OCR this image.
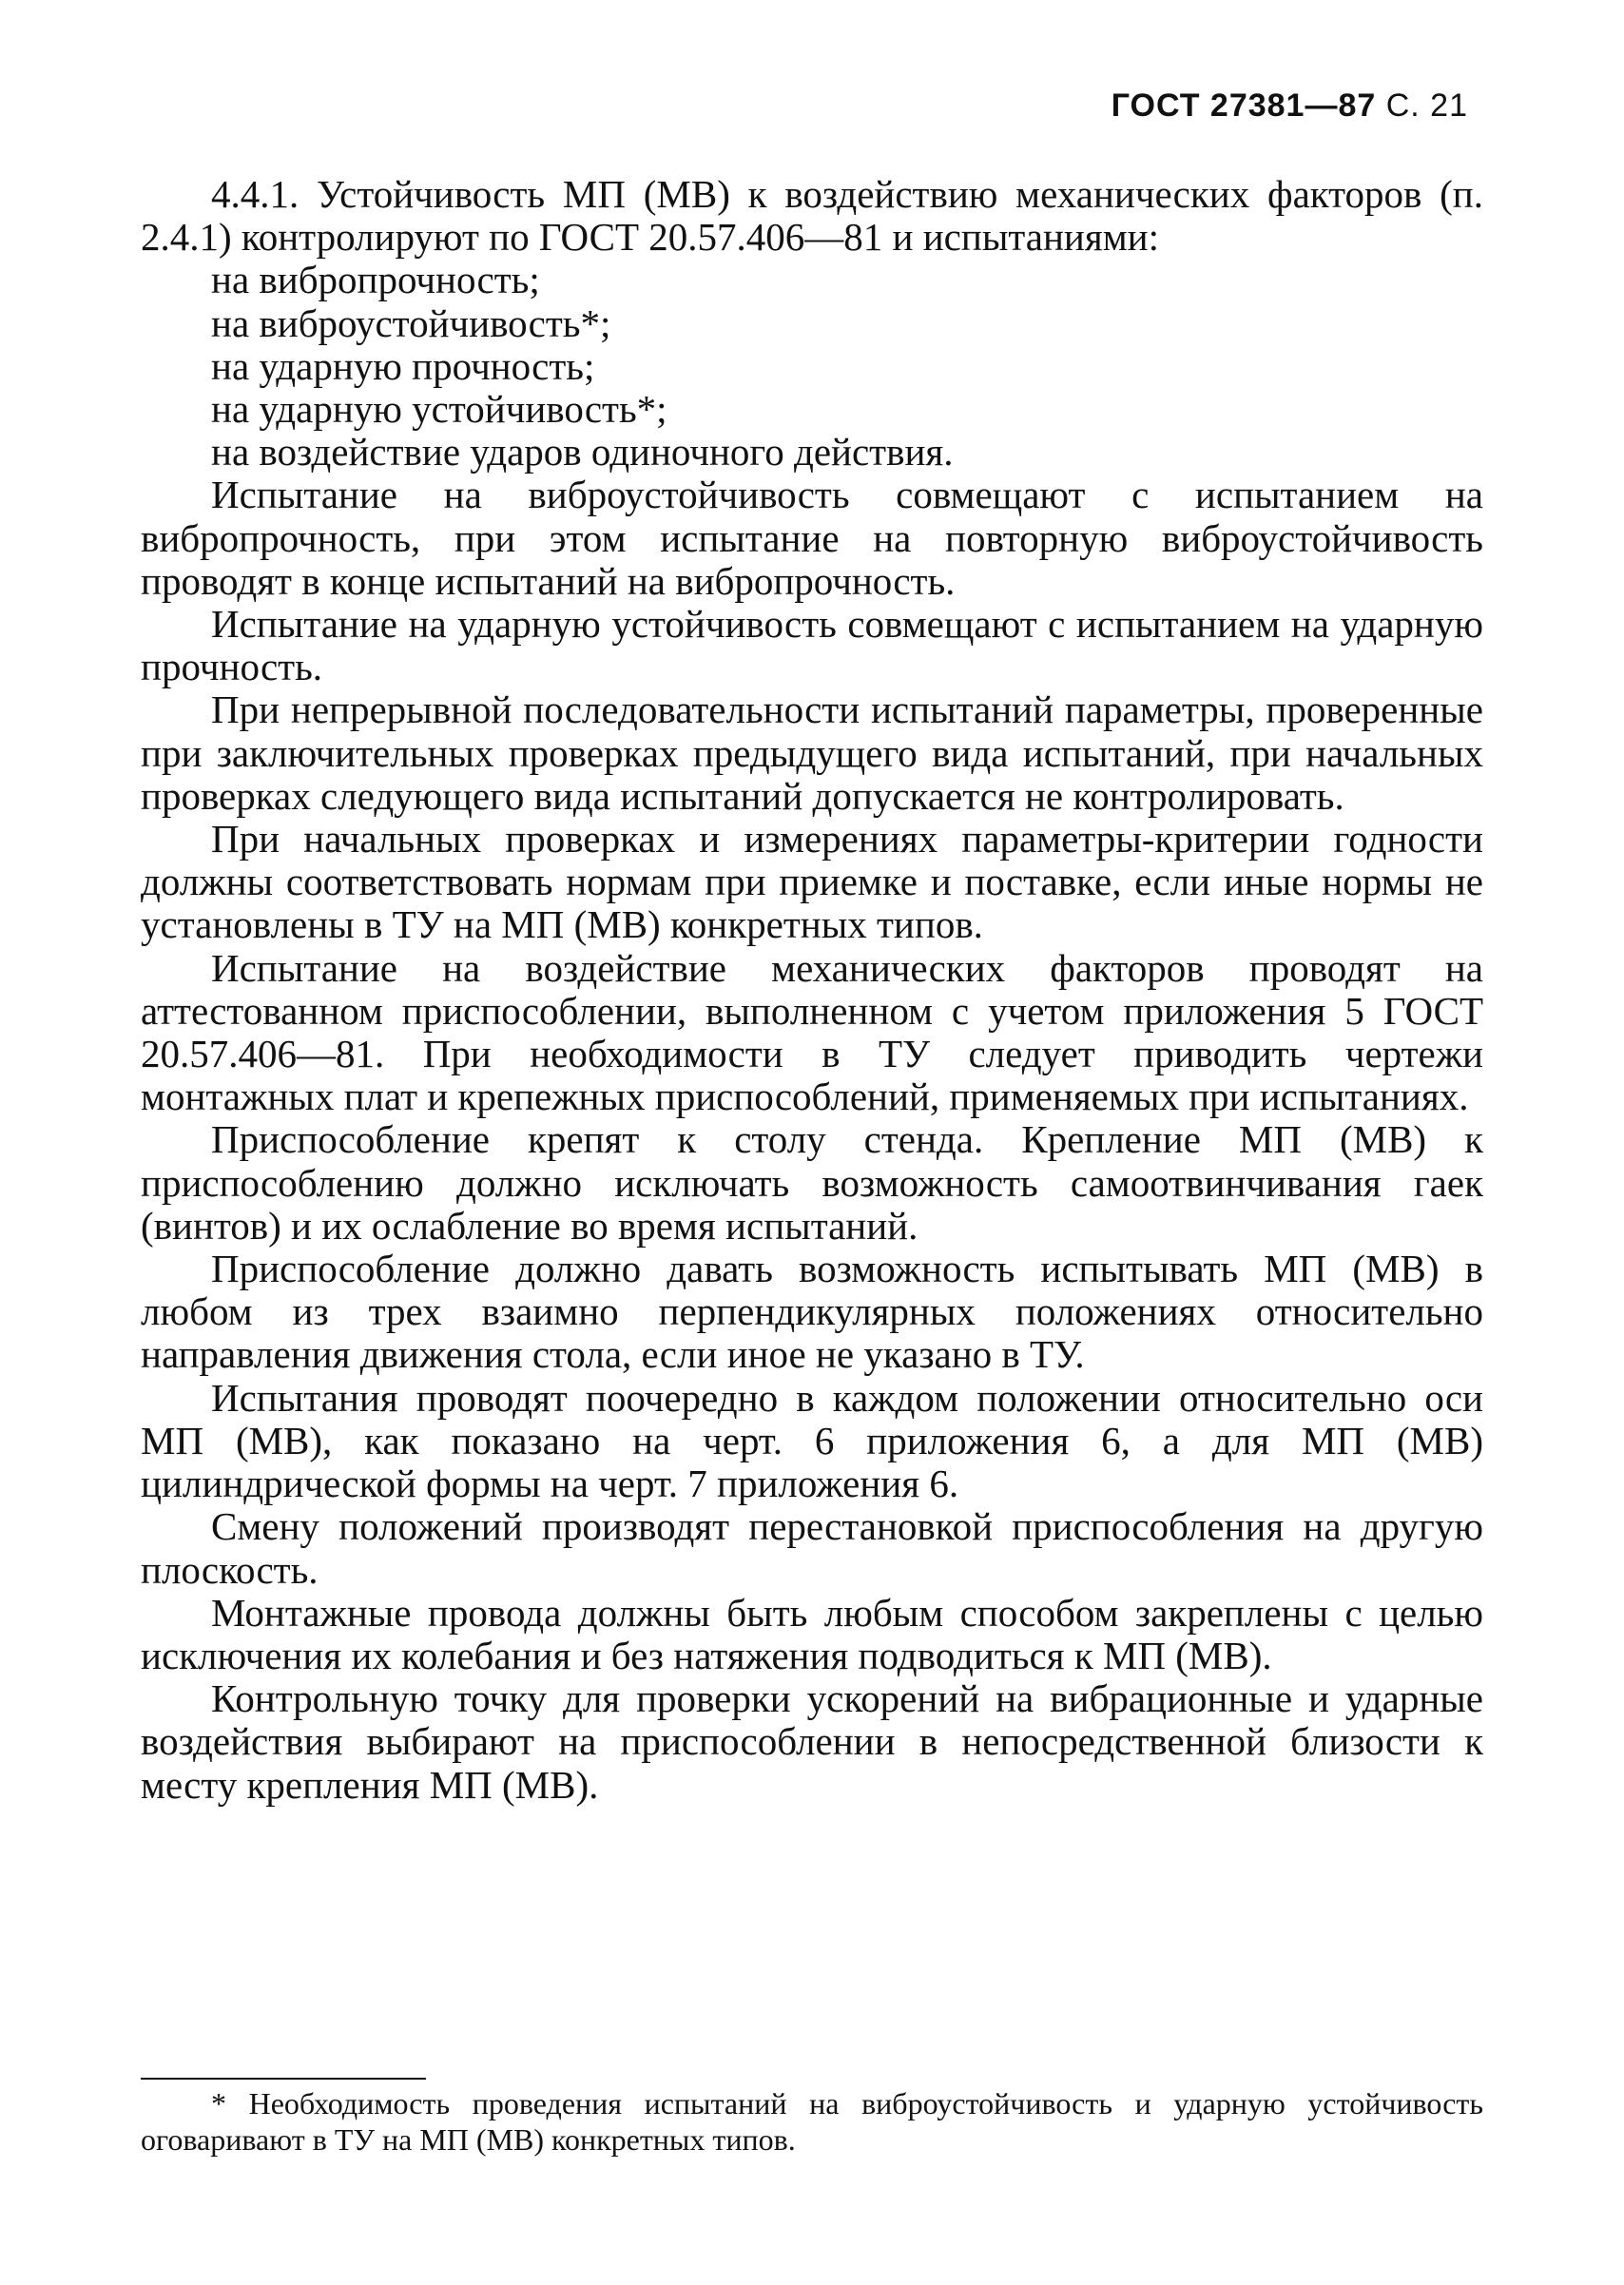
ГОСТ 27381—87 С. 21

4.4.1. Устойчивость МП (МВ) к воздействию механических факторов (п. 2.4.1) контролируют по ГОСТ 20.57.406—81 и испытаниями:

на вибропрочность;

на виброустойчивость*;

на ударную прочность;

на ударную устойчивость*;

на воздействие ударов одиночного действия.

Испытание на виброустойчивость совмещают с испытанием на вибропрочность, при этом испытание на повторную виброустойчивость проводят в конце испытаний на вибропрочность.

Испытание на ударную устойчивость совмещают с испытанием на ударную прочность.

При непрерывной последовательности испытаний параметры, проверенные при заключительных проверках предыдущего вида испытаний, при начальных проверках следующего вида испытаний допускается не контролировать.

При начальных проверках и измерениях параметры-критерии годности должны соответствовать нормам при приемке и поставке, если иные нормы не установлены в ТУ на МП (МВ) конкретных типов.

Испытание на воздействие механических факторов проводят на аттестованном приспособлении, выполненном с учетом приложения 5 ГОСТ 20.57.406—81. При необходимости в ТУ следует приводить чертежи монтажных плат и крепежных приспособлений, применяемых при испытаниях.

Приспособление крепят к столу стенда. Крепление МП (МВ) к приспособлению должно исключать возможность самоотвинчивания гаек (винтов) и их ослабление во время испытаний.

Приспособление должно давать возможность испытывать МП (МВ) в любом из трех взаимно перпендикулярных положениях относительно направления движения стола, если иное не указано в ТУ.

Испытания проводят поочередно в каждом положении относительно оси МП (МВ), как показано на черт. 6 приложения 6, а для МП (МВ) цилиндрической формы на черт. 7 приложения 6.

Смену положений производят перестановкой приспособления на другую плоскость.

Монтажные провода должны быть любым способом закреплены с целью исключения их колебания и без натяжения подводиться к МП (МВ).

Контрольную точку для проверки ускорений на вибрационные и ударные воздействия выбирают на приспособлении в непосредственной близости к месту крепления МП (МВ).

* Необходимость проведения испытаний на виброустойчивость и ударную устойчивость оговаривают в ТУ на МП (МВ) конкретных типов.
